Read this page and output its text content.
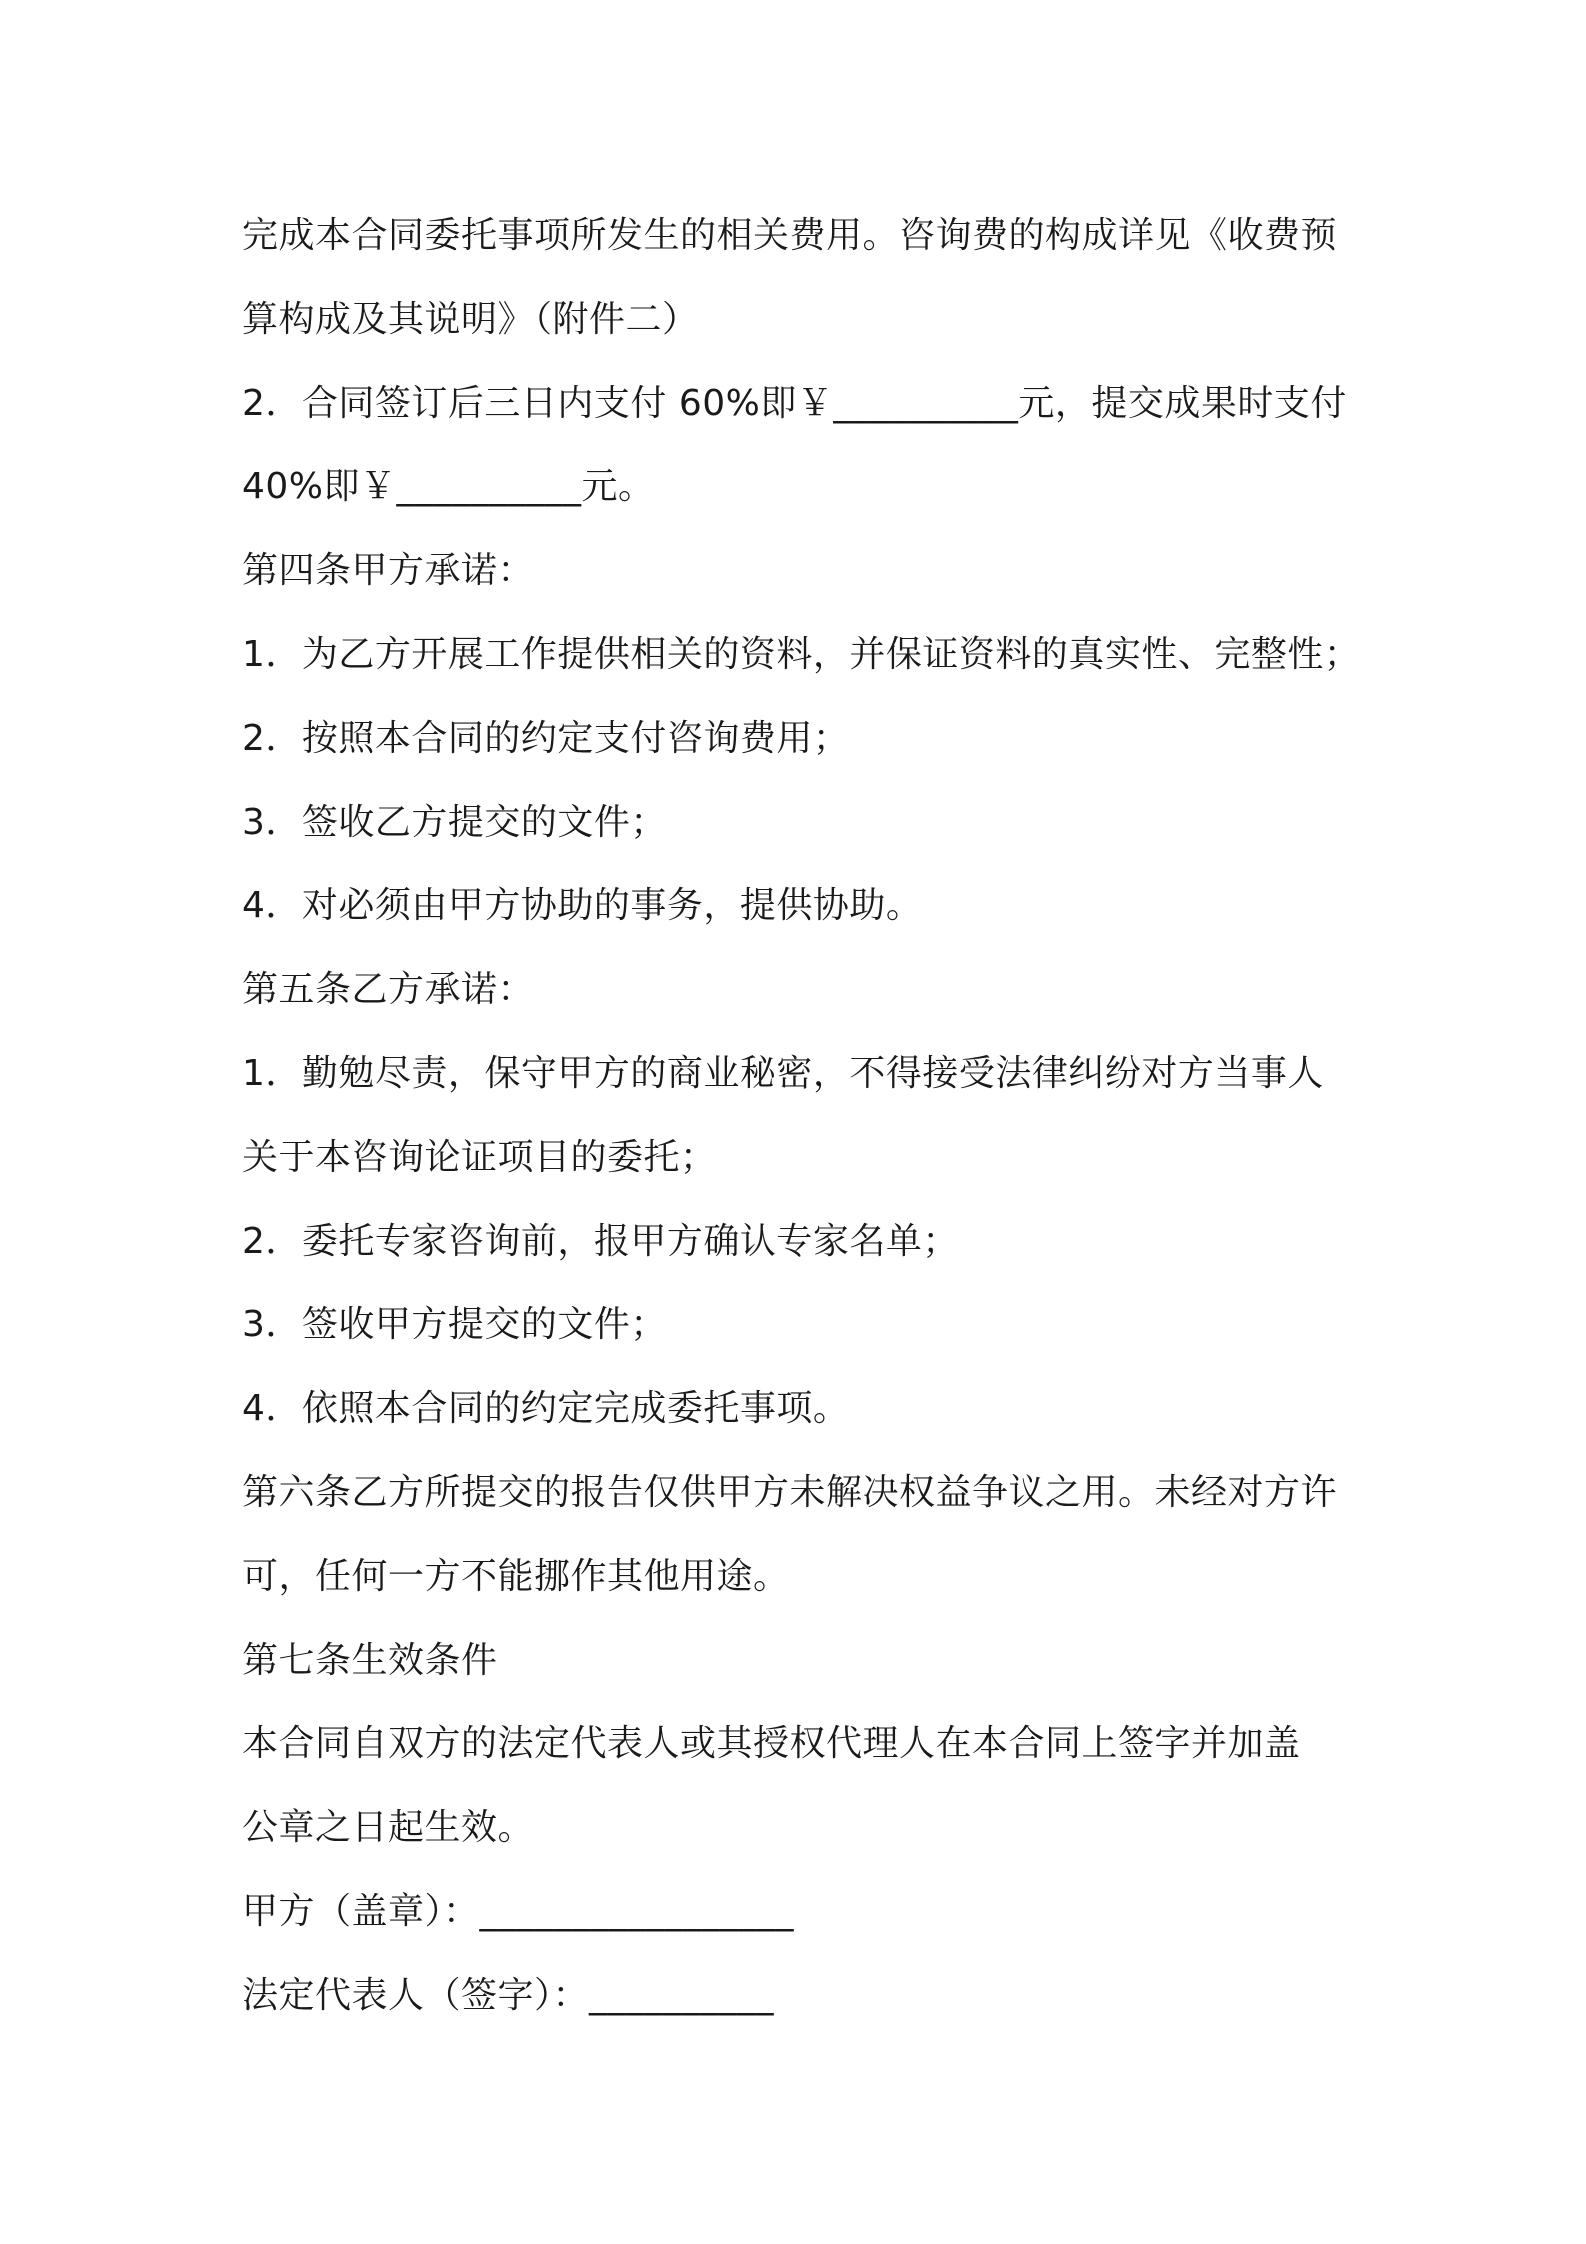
完成本合同委托事项所发生的相关费用。咨询费的构成详见《收费预
算构成及其说明》（附件二）
2．合同签订后三日内支付 60%即￥__________元，提交成果时支付
40%即￥__________元。
第四条甲方承诺：
1．为乙方开展工作提供相关的资料，并保证资料的真实性、完整性；
2．按照本合同的约定支付咨询费用；
3．签收乙方提交的文件；
4．对必须由甲方协助的事务，提供协助。
第五条乙方承诺：
1．勤勉尽责，保守甲方的商业秘密，不得接受法律纠纷对方当事人
关于本咨询论证项目的委托；
2．委托专家咨询前，报甲方确认专家名单；
3．签收甲方提交的文件；
4．依照本合同的约定完成委托事项。
第六条乙方所提交的报告仅供甲方未解决权益争议之用。未经对方许
可，任何一方不能挪作其他用途。
第七条生效条件
本合同自双方的法定代表人或其授权代理人在本合同上签字并加盖
公章之日起生效。
甲方（盖章）：_________________
法定代表人（签字）：__________
